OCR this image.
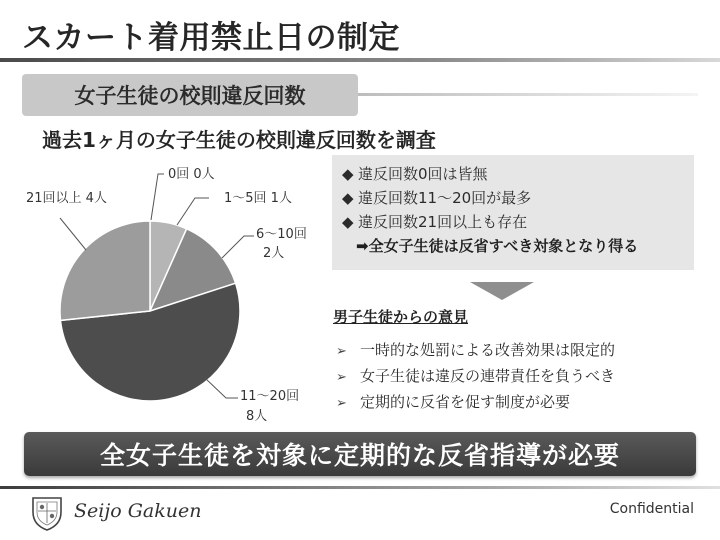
スカート着用禁止日の制定
女子生徒の校則違反回数
過去1ヶ月の女子生徒の校則違反回数を調査
0回 0人
1〜5回 1人
6〜10回
2人
11〜20回
8人
21回以上 4人
◆ 違反回数0回は皆無
◆ 違反回数11〜20回が最多
◆ 違反回数21回以上も存在
➡全女子生徒は反省すべき対象となり得る
男子生徒からの意見
➢ 一時的な処罰による改善効果は限定的
➢ 女子生徒は違反の連帯責任を負うべき
➢ 定期的に反省を促す制度が必要
全女子生徒を対象に定期的な反省指導が必要
Seijo Gakuen	Confidential
